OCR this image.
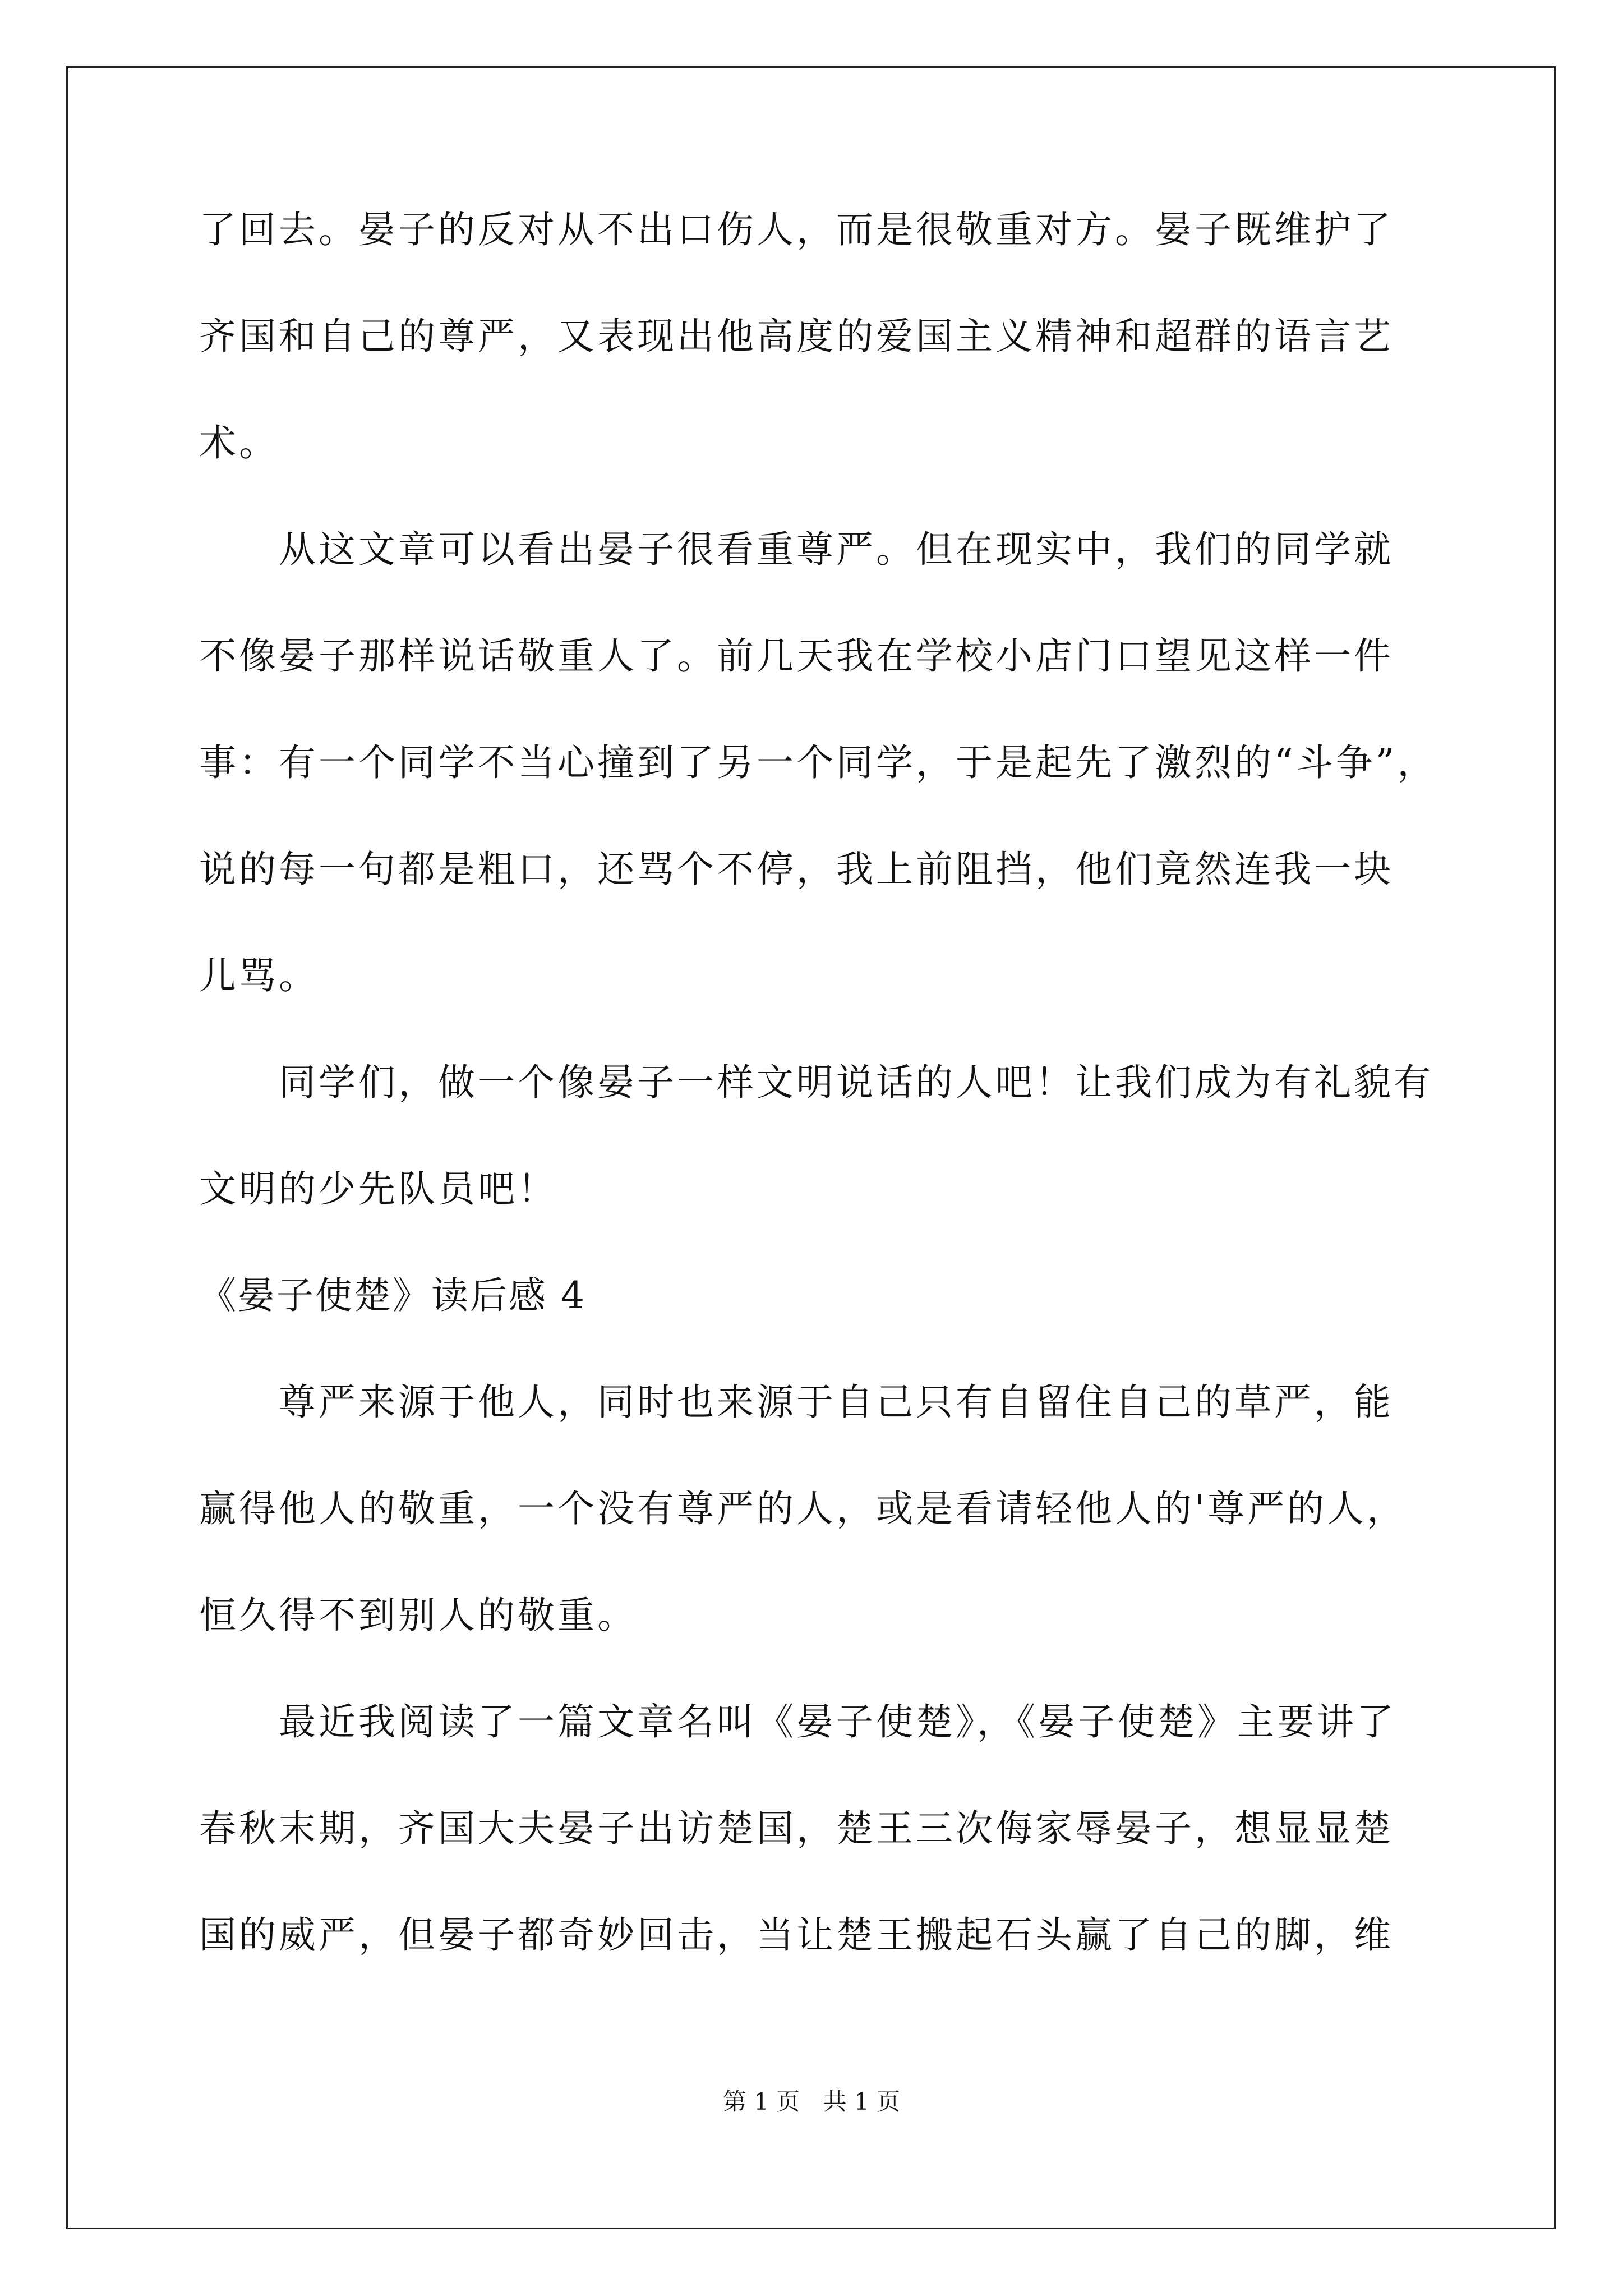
了回去。晏子的反对从不出口伤人，而是很敬重对方。晏子既维护了
齐国和自己的尊严，又表现出他高度的爱国主义精神和超群的语言艺
术。
　　从这文章可以看出晏子很看重尊严。但在现实中，我们的同学就
不像晏子那样说话敬重人了。前几天我在学校小店门口望见这样一件
事：有一个同学不当心撞到了另一个同学，于是起先了激烈的“斗争”，
说的每一句都是粗口，还骂个不停，我上前阻挡，他们竟然连我一块
儿骂。
　　同学们，做一个像晏子一样文明说话的人吧！让我们成为有礼貌有
文明的少先队员吧！
《晏子使楚》读后感 4
　　尊严来源于他人，同时也来源于自己只有自留住自己的草严，能
赢得他人的敬重，一个没有尊严的人，或是看请轻他人的'尊严的人，
恒久得不到别人的敬重。
　　最近我阅读了一篇文章名叫《晏子使楚》，《晏子使楚》主要讲了
春秋末期，齐国大夫晏子出访楚国，楚王三次侮家辱晏子，想显显楚
国的威严，但晏子都奇妙回击，当让楚王搬起石头赢了自己的脚，维
第 1 页 共 1 页
